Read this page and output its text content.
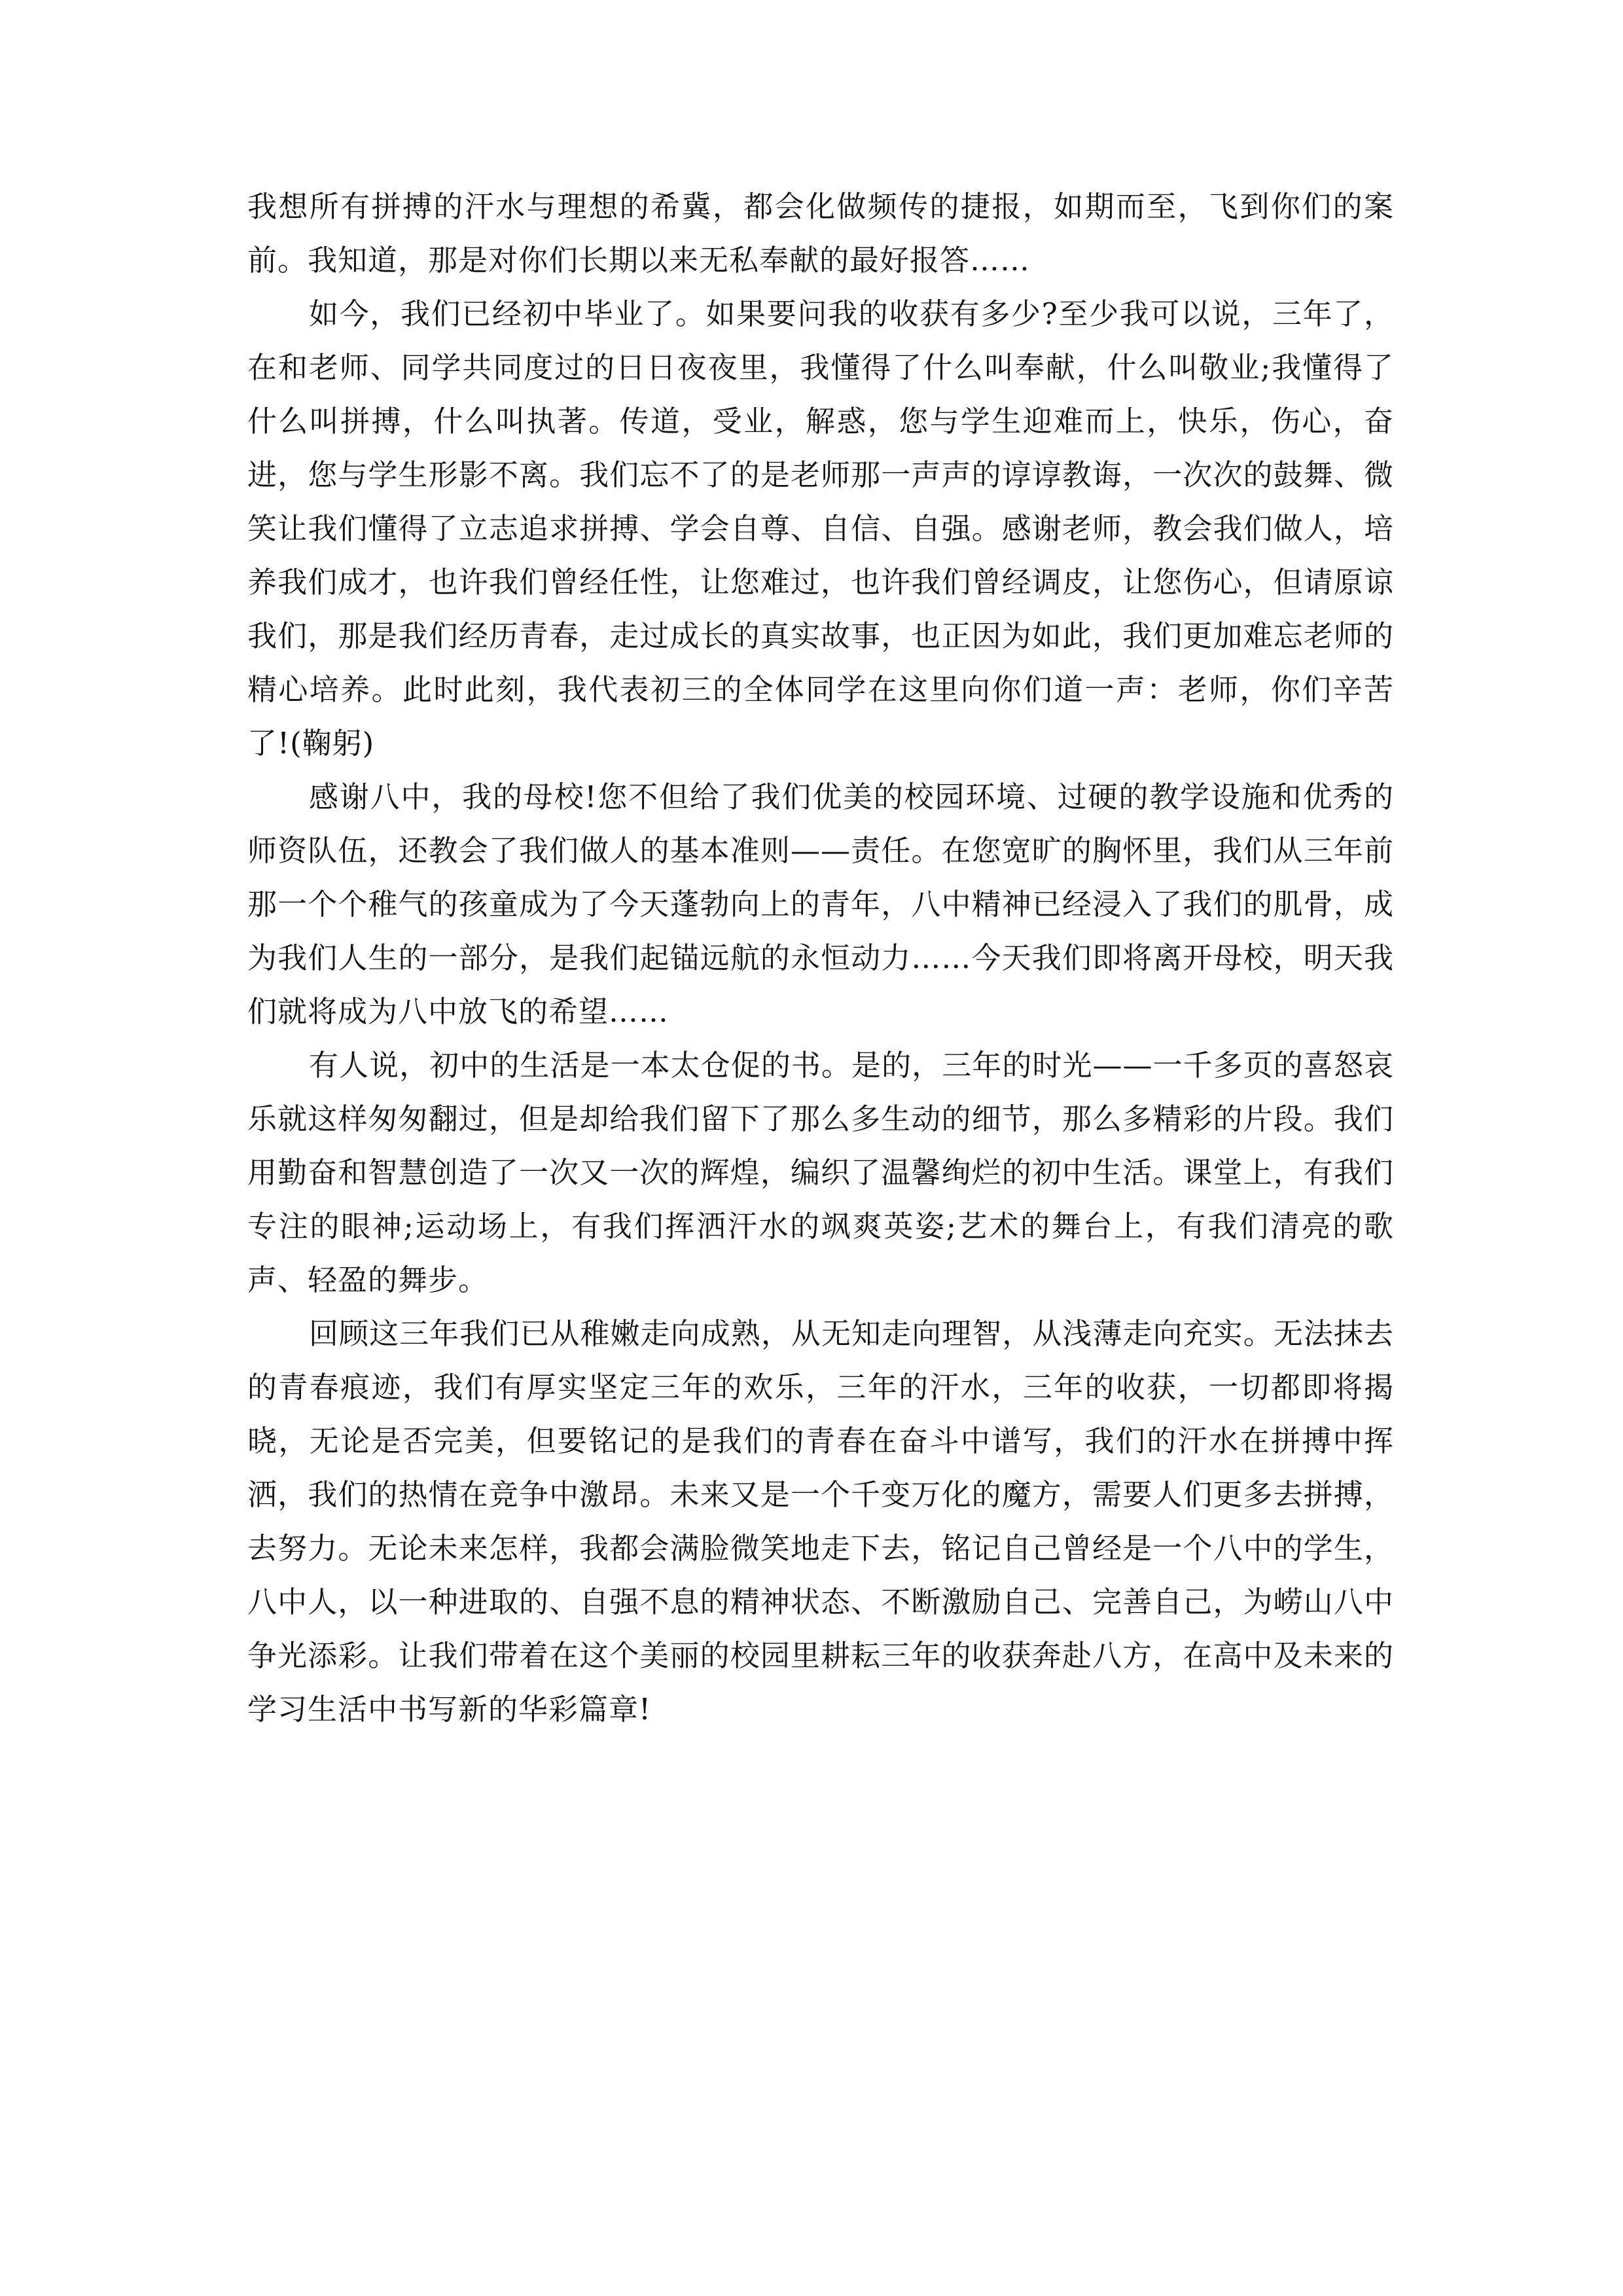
我想所有拼搏的汗水与理想的希冀，都会化做频传的捷报，如期而至，飞到你们的案前。我知道，那是对你们长期以来无私奉献的最好报答……

如今，我们已经初中毕业了。如果要问我的收获有多少?至少我可以说，三年了，在和老师、同学共同度过的日日夜夜里，我懂得了什么叫奉献，什么叫敬业;我懂得了什么叫拼搏，什么叫执著。传道，受业，解惑，您与学生迎难而上，快乐，伤心，奋进，您与学生形影不离。我们忘不了的是老师那一声声的谆谆教诲，一次次的鼓舞、微笑让我们懂得了立志追求拼搏、学会自尊、自信、自强。感谢老师，教会我们做人，培养我们成才，也许我们曾经任性，让您难过，也许我们曾经调皮，让您伤心，但请原谅我们，那是我们经历青春，走过成长的真实故事，也正因为如此，我们更加难忘老师的精心培养。此时此刻，我代表初三的全体同学在这里向你们道一声：老师，你们辛苦了!(鞠躬)

感谢八中，我的母校!您不但给了我们优美的校园环境、过硬的教学设施和优秀的师资队伍，还教会了我们做人的基本准则——责任。在您宽旷的胸怀里，我们从三年前那一个个稚气的孩童成为了今天蓬勃向上的青年，八中精神已经浸入了我们的肌骨，成为我们人生的一部分，是我们起锚远航的永恒动力……今天我们即将离开母校，明天我们就将成为八中放飞的希望……

有人说，初中的生活是一本太仓促的书。是的，三年的时光——一千多页的喜怒哀乐就这样匆匆翻过，但是却给我们留下了那么多生动的细节，那么多精彩的片段。我们用勤奋和智慧创造了一次又一次的辉煌，编织了温馨绚烂的初中生活。课堂上，有我们专注的眼神;运动场上，有我们挥洒汗水的飒爽英姿;艺术的舞台上，有我们清亮的歌声、轻盈的舞步。

回顾这三年我们已从稚嫩走向成熟，从无知走向理智，从浅薄走向充实。无法抹去的青春痕迹，我们有厚实坚定三年的欢乐，三年的汗水，三年的收获，一切都即将揭晓，无论是否完美，但要铭记的是我们的青春在奋斗中谱写，我们的汗水在拼搏中挥洒，我们的热情在竞争中激昂。未来又是一个千变万化的魔方，需要人们更多去拼搏，去努力。无论未来怎样，我都会满脸微笑地走下去，铭记自己曾经是一个八中的学生，八中人，以一种进取的、自强不息的精神状态、不断激励自己、完善自己，为崂山八中争光添彩。让我们带着在这个美丽的校园里耕耘三年的收获奔赴八方，在高中及未来的学习生活中书写新的华彩篇章!
